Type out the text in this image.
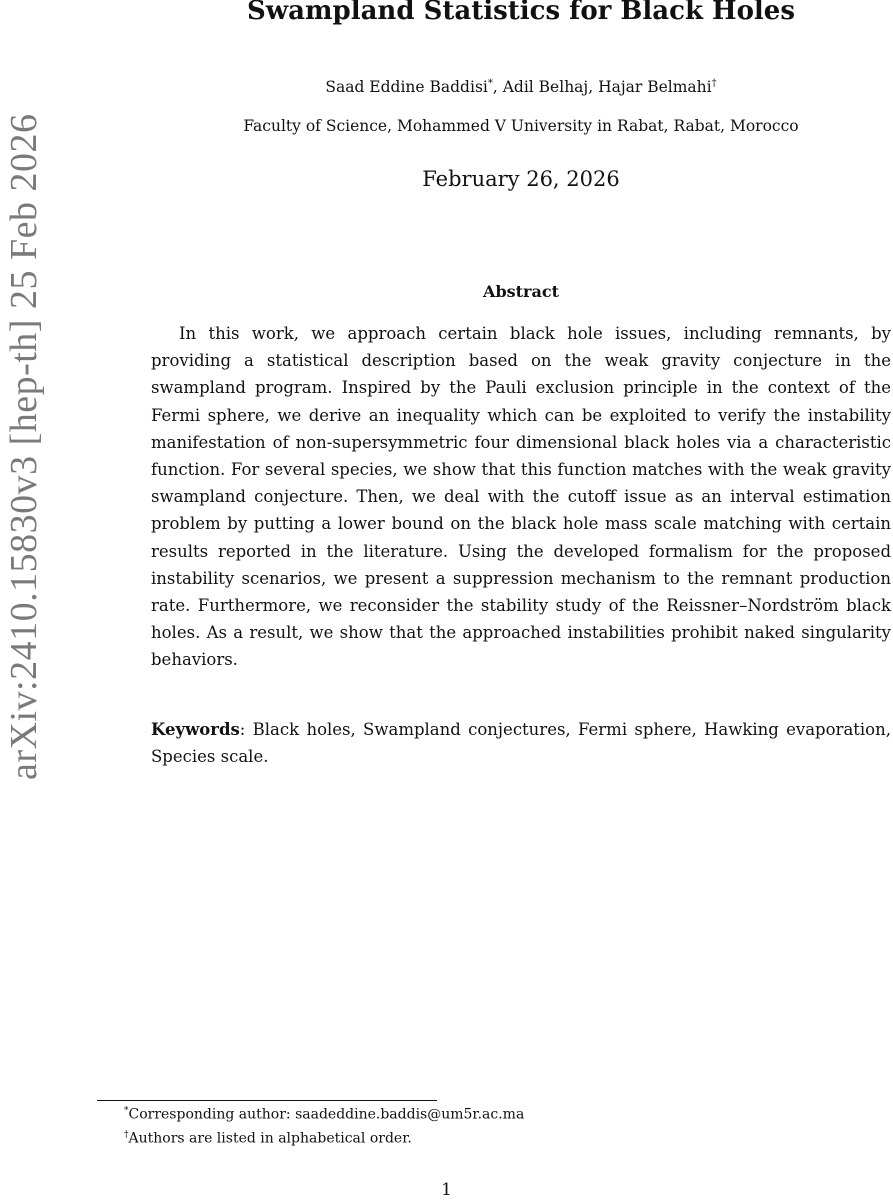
arXiv:2410.15830v3 [hep-th] 25 Feb 2026
Swampland Statistics for Black Holes
Saad Eddine Baddisi*, Adil Belhaj, Hajar Belmahi†
Faculty of Science, Mohammed V University in Rabat, Rabat, Morocco
February 26, 2026
Abstract

In this work, we approach certain black hole issues, including remnants, by providing a statistical description based on the weak gravity conjecture in the swampland program. Inspired by the Pauli exclusion principle in the context of the Fermi sphere, we derive an inequality which can be exploited to verify the instability manifestation of non-supersymmetric four dimensional black holes via a characteristic function. For several species, we show that this function matches with the weak gravity swampland conjecture. Then, we deal with the cutoff issue as an interval estimation problem by putting a lower bound on the black hole mass scale matching with certain results reported in the literature. Using the developed formalism for the proposed instability scenarios, we present a suppression mechanism to the remnant production rate. Furthermore, we reconsider the stability study of the Reissner–Nordström black holes. As a result, we show that the approached instabilities prohibit naked singularity behaviors.

Keywords: Black holes, Swampland conjectures, Fermi sphere, Hawking evaporation, Species scale.

*Corresponding author: saadeddine.baddis@um5r.ac.ma
†Authors are listed in alphabetical order.
1
